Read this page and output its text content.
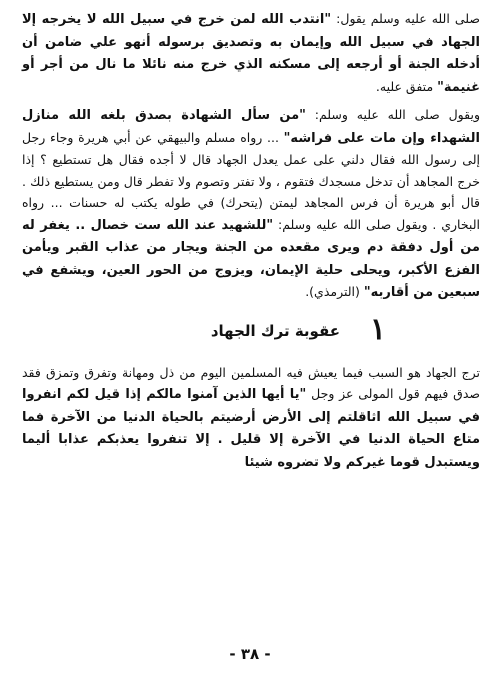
صلى الله عليه وسلم يقول: "انتدب الله لمن خرج في سبيل الله لا يخرجه إلا الجهاد في سبيل الله وإيمان به وتصديق برسوله أنهو علي ضامن أن أدخله الجنة أو أرجعه إلى مسكنه الذي خرج منه نائلا ما نال من أجر أو غنيمة" متفق عليه.

ويقول صلى الله عليه وسلم: "من سأل الشهادة بصدق بلغه الله منازل الشهداء وإن مات على فراشه" ... رواه مسلم والبيهقي عن أبي هريرة وجاء رجل إلى رسول الله فقال دلني على عمل يعدل الجهاد قال لا أجده فقال هل تستطيع ؟ إذا خرج المجاهد أن تدخل مسجدك فتقوم ، ولا تفتر وتصوم ولا تفطر قال ومن يستطيع ذلك . قال أبو هريرة أن فرس المجاهد ليمتن (يتحرك) في طوله يكتب له حسنات ... رواه البخاري . ويقول صلى الله عليه وسلم: "للشهيد عند الله ست خصال .. يغفر له من أول دفقة دم ويرى مقعده من الجنة ويجار من عذاب القبر ويأمن الفزع الأكبر، ويحلى حلية الإيمان، ويزوج من الحور العين، ويشفع في سبعين من أقاربه" (الترمذي).

١
عقوبة ترك الجهاد

ترج الجهاد هو السبب فيما يعيش فيه المسلمين اليوم من ذل ومهانة وتفرق وتمزق فقد صدق فيهم قول المولى عز وجل "يا أيها الذين آمنوا مالكم إذا قيل لكم انفروا في سبيل الله اثاقلتم إلى الأرض أرضيتم بالحياة الدنيا من الآخرة فما متاع الحياة الدنيا في الآخرة إلا قليل . إلا تنفروا يعذبكم عذابا أليما ويستبدل قوما غيركم ولا تضروه شيئا

- ٣٨ -
